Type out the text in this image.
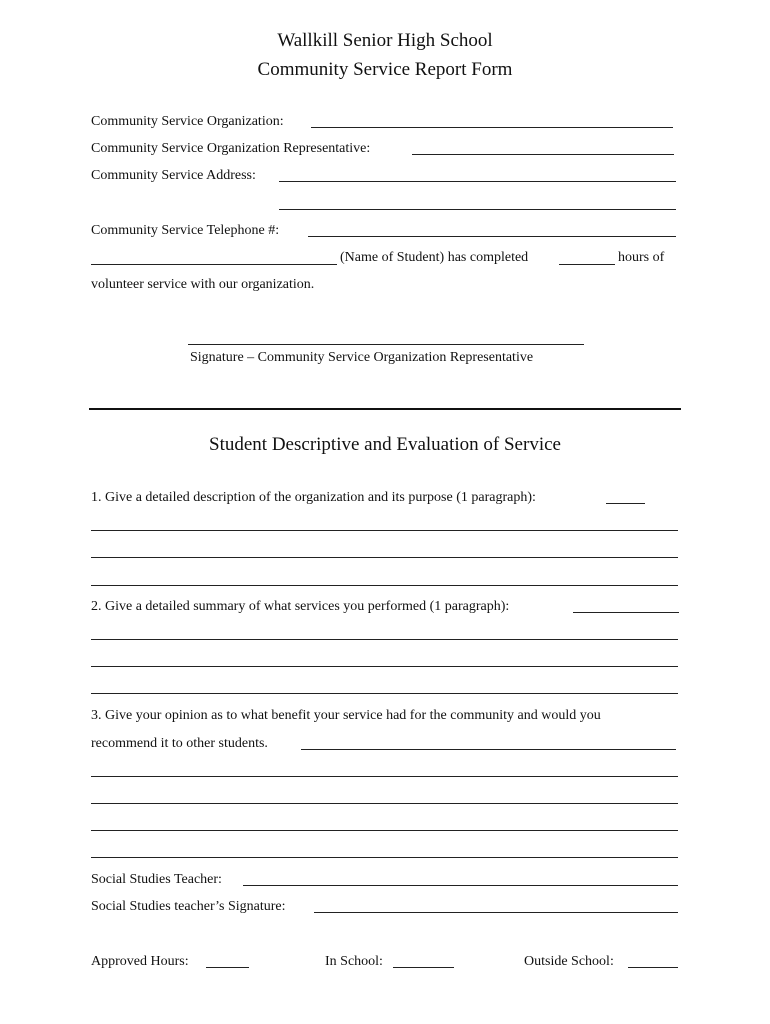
Wallkill Senior High School
Community Service Report Form
Community Service Organization:
Community Service Organization Representative:
Community Service Address:
Community Service Telephone #:
(Name of Student) has completed	hours of
volunteer service with our organization.
Signature – Community Service Organization Representative
Student Descriptive and Evaluation of Service
1. Give a detailed description of the organization and its purpose (1 paragraph):
2. Give a detailed summary of what services you performed (1 paragraph):
3. Give your opinion as to what benefit your service had for the community and would you
recommend it to other students.
Social Studies Teacher:
Social Studies teacher’s Signature:
Approved Hours:	In School:	Outside School:
